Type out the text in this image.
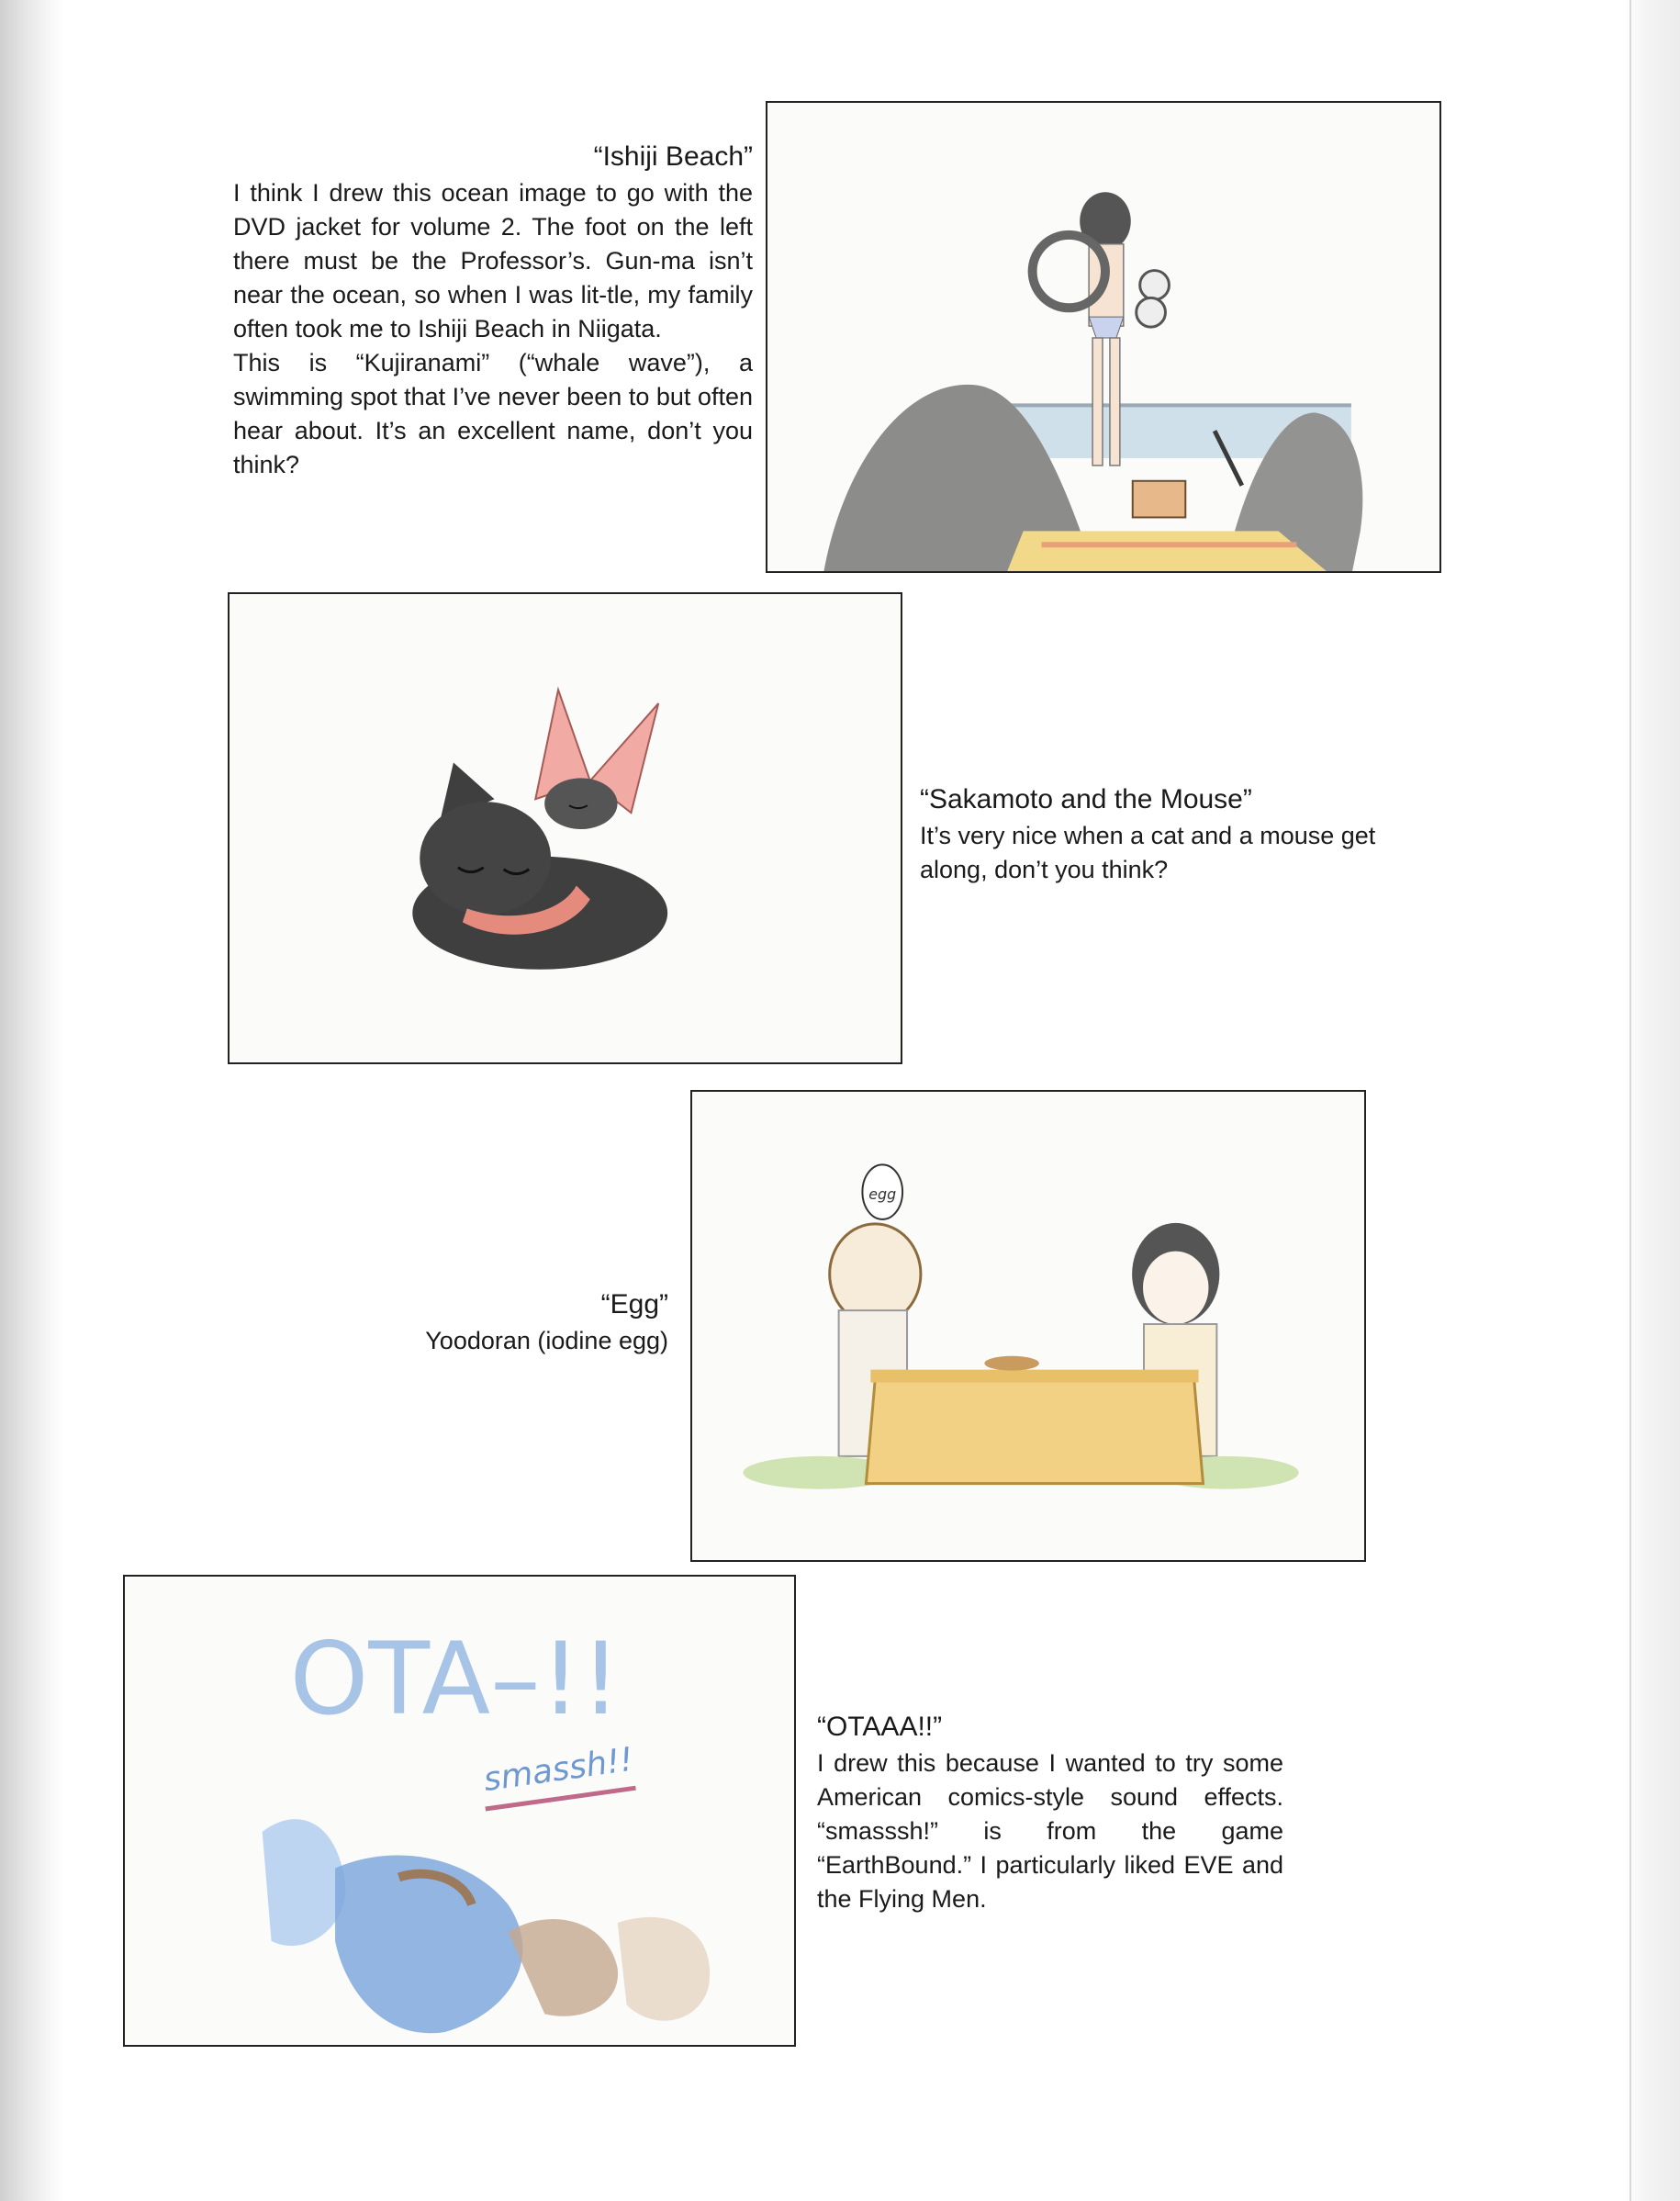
“Ishiji Beach”

I think I drew this ocean image to go with the DVD jacket for volume 2. The foot on the left there must be the Professor’s. Gun-ma isn’t near the ocean, so when I was lit-tle, my family often took me to Ishiji Beach in Niigata.
This is “Kujiranami” (“whale wave”), a swimming spot that I’ve never been to but often hear about. It’s an excellent name, don’t you think?

“Sakamoto and the Mouse”

It’s very nice when a cat and a mouse get along, don’t you think?

“Egg”

Yoodoran (iodine egg)

egg
OTA–!!
smassh!!

“OTAAA!!”

I drew this because I wanted to try some American comics-style sound effects. “smasssh!” is from the game “EarthBound.” I particularly liked EVE and the Flying Men.
